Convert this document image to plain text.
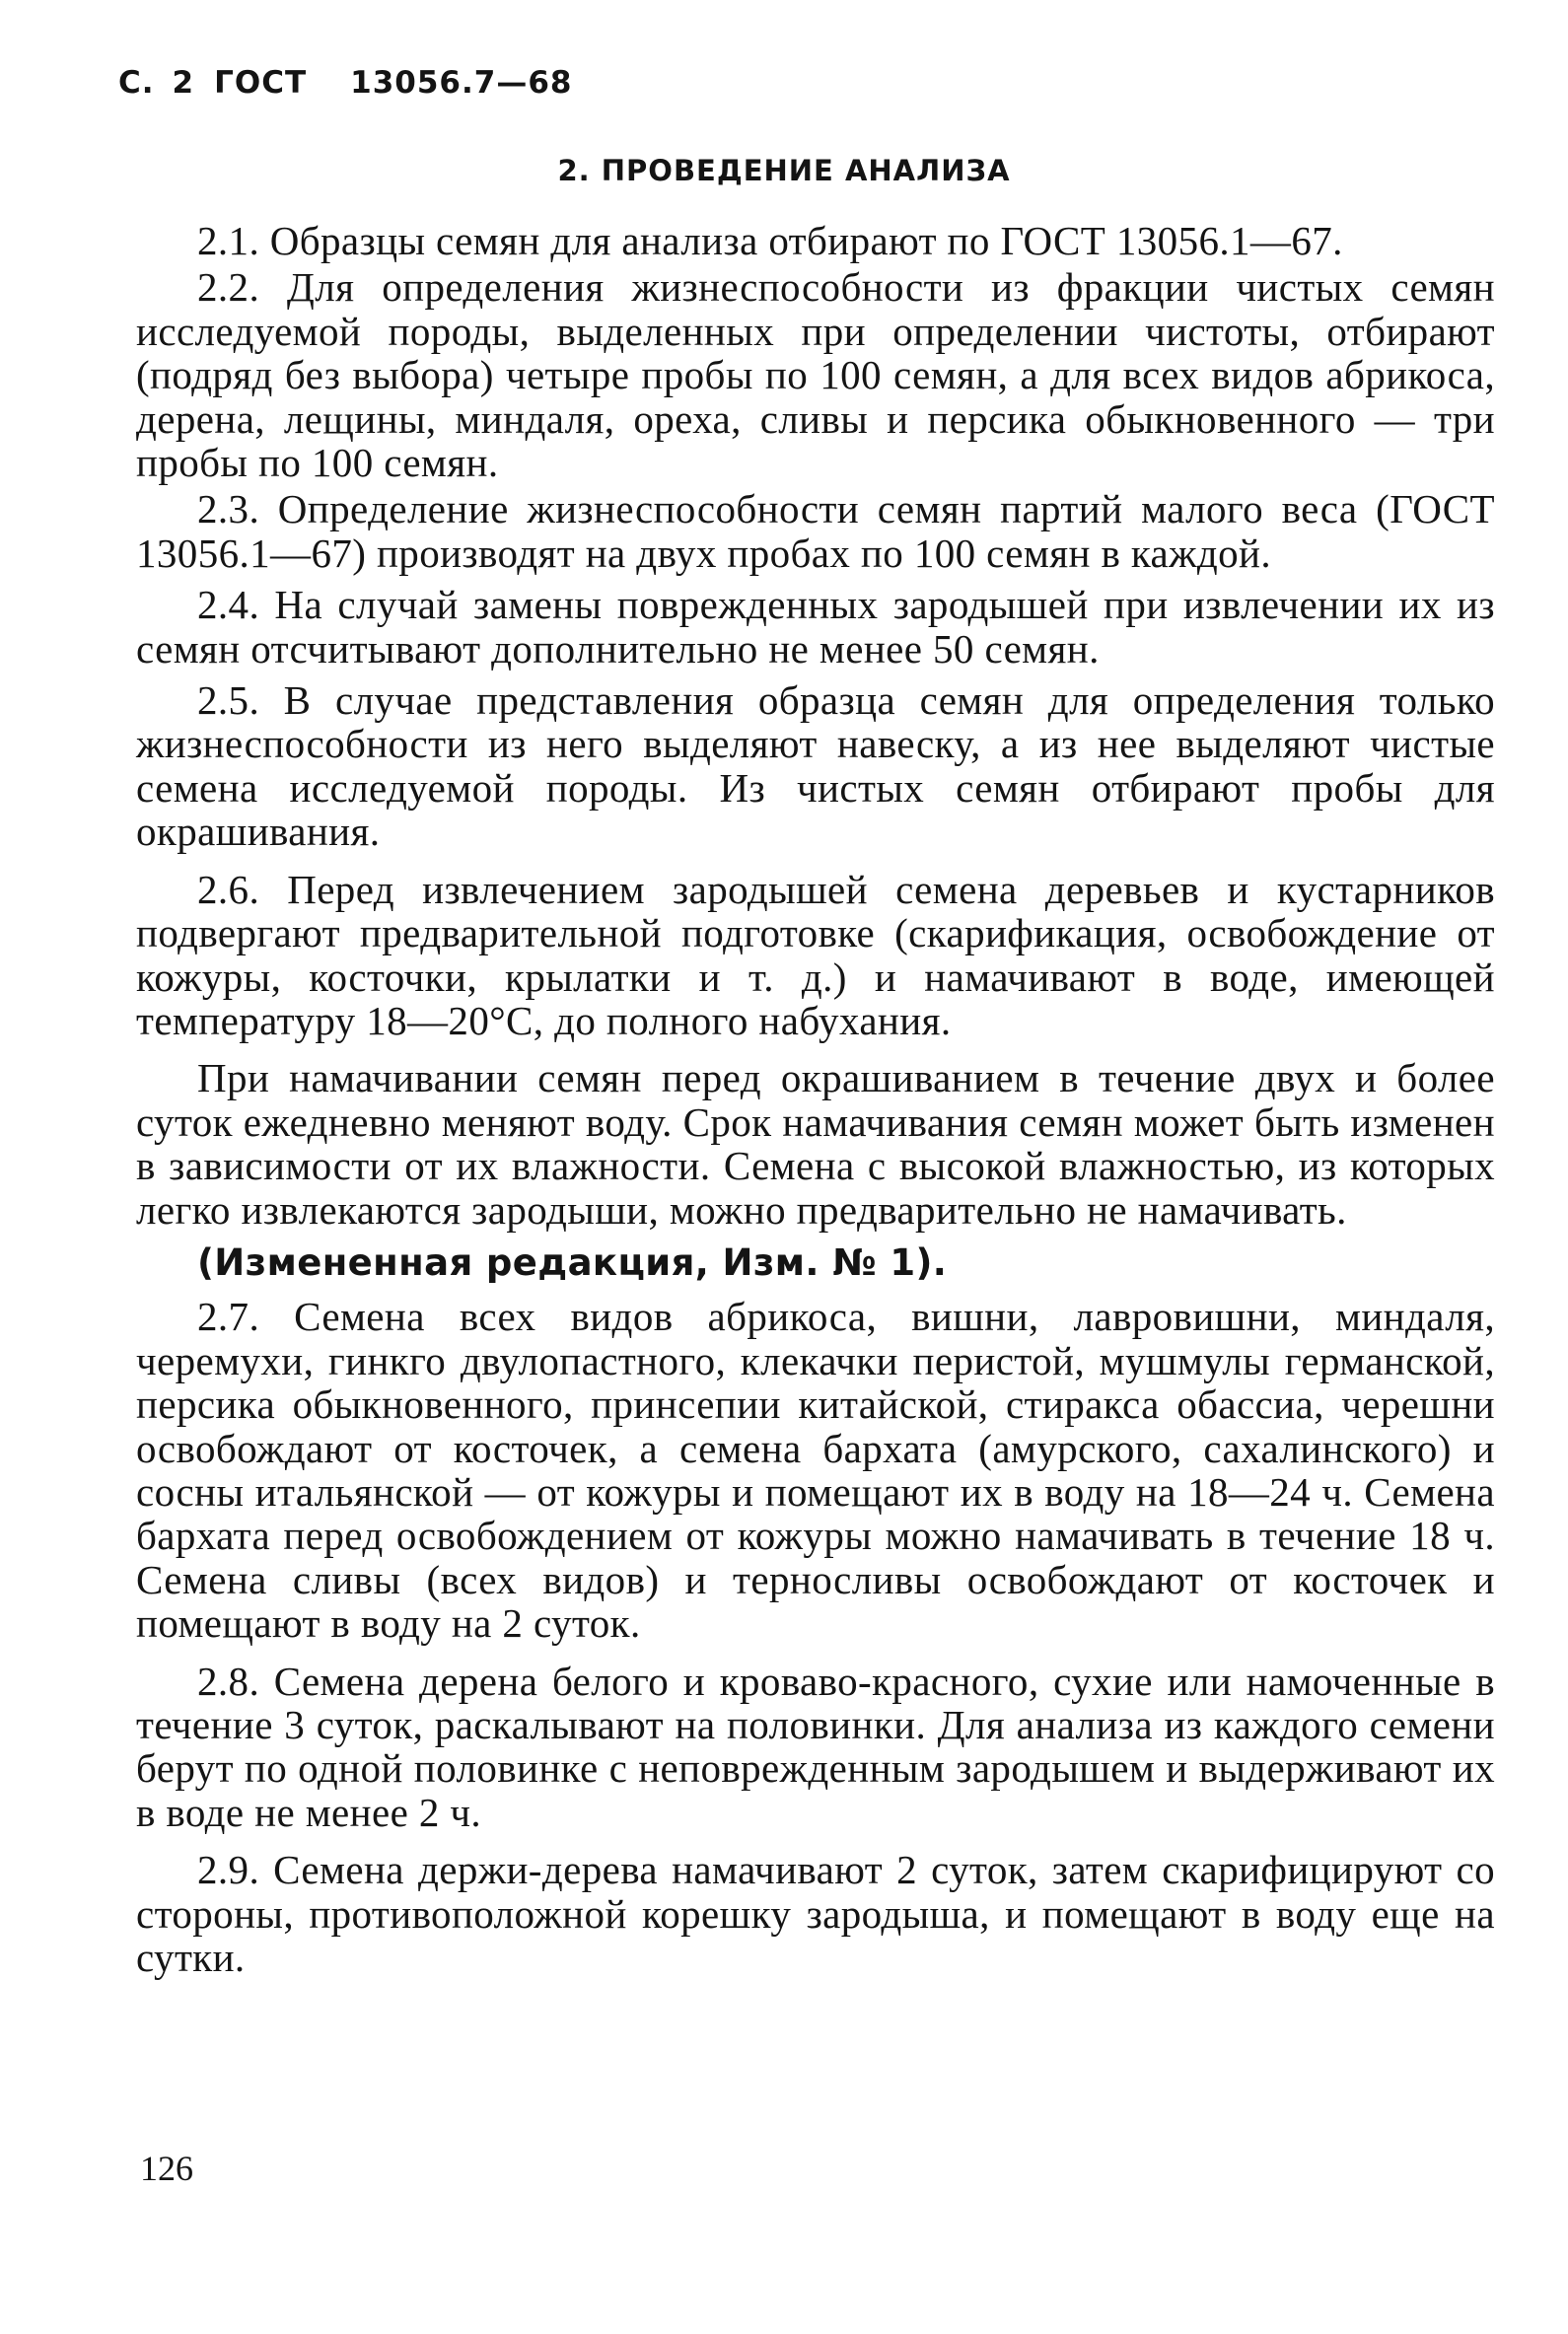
С. 2 ГОСТ 13056.7—68
2. ПРОВЕДЕНИЕ АНАЛИЗА

2.1. Образцы семян для анализа отбирают по ГОСТ 13056.1—67.

2.2. Для определения жизнеспособности из фракции чистых семян исследуемой породы, выделенных при определении чистоты, отбирают (подряд без выбора) четыре пробы по 100 семян, а для всех видов абрикоса, дерена, лещины, миндаля, ореха, сливы и персика обыкновенного — три пробы по 100 семян.

2.3. Определение жизнеспособности семян партий малого веса (ГОСТ 13056.1—67) производят на двух пробах по 100 семян в каждой.

2.4. На случай замены поврежденных зародышей при извлечении их из семян отсчитывают дополнительно не менее 50 семян.

2.5. В случае представления образца семян для определения только жизнеспособности из него выделяют навеску, а из нее выделяют чистые семена исследуемой породы. Из чистых семян отбирают пробы для окрашивания.

2.6. Перед извлечением зародышей семена деревьев и кустарников подвергают предварительной подготовке (скарификация, освобождение от кожуры, косточки, крылатки и т. д.) и намачивают в воде, имеющей температуру 18—20°С, до полного набухания.

При намачивании семян перед окрашиванием в течение двух и более суток ежедневно меняют воду. Срок намачивания семян может быть изменен в зависимости от их влажности. Семена с высокой влажностью, из которых легко извлекаются зародыши, можно предварительно не намачивать.

(Измененная редакция, Изм. № 1).

2.7. Семена всех видов абрикоса, вишни, лавровишни, миндаля, черемухи, гинкго двулопастного, клекачки перистой, мушмулы германской, персика обыкновенного, принсепии китайской, стиракса обассиа, черешни освобождают от косточек, а семена бархата (амурского, сахалинского) и сосны итальянской — от кожуры и помещают их в воду на 18—24 ч. Семена бархата перед освобождением от кожуры можно намачивать в течение 18 ч. Семена сливы (всех видов) и терносливы освобождают от косточек и помещают в воду на 2 суток.

2.8. Семена дерена белого и кроваво-красного, сухие или намоченные в течение 3 суток, раскалывают на половинки. Для анализа из каждого семени берут по одной половинке с неповрежденным зародышем и выдерживают их в воде не менее 2 ч.

2.9. Семена держи-дерева намачивают 2 суток, затем скарифицируют со стороны, противоположной корешку зародыша, и помещают в воду еще на сутки.

126
